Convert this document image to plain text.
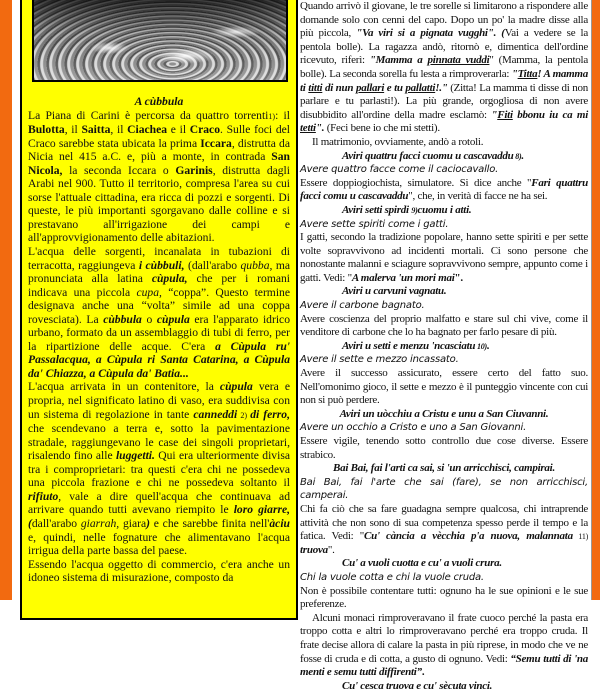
A cùbbula

La Piana di Carini è percorsa da quattro torrenti1): il Bulotta, il Saitta, il Ciachea e il Craco. Sulle foci del Craco sarebbe stata ubicata la prima Iccara, distrutta da Nicia nel 415 a.C. e, più a monte, in contrada San Nicola, la seconda Iccara o Garinis, distrutta dagli Arabi nel 900. Tutto il territorio, compresa l'area su cui sorse l'attuale cittadina, era ricca di pozzi e sorgenti. Di queste, le più importanti sgorgavano dalle colline e si prestavano all'irrigazione dei campi e all'approvvigionamento delle abitazioni.

L'acqua delle sorgenti, incanalata in tubazioni di terracotta, raggiungeva i cùbbuli, (dall'arabo qubba, ma pronunciata alla latina cùpula, che per i romani indicava una piccola cupa, “coppa”. Questo termine designava anche una “volta” simile ad una coppa rovesciata). La cùbbula o cùpula era l'apparato idrico urbano, formato da un assemblaggio di tubi di ferro, per la ripartizione delle acque. C'era a Cùpula ru' Passalacqua, a Cùpula ri Santa Catarina, a Cùpula da' Chiazza, a Cùpula da' Batia...

L'acqua arrivata in un contenitore, la cùpula vera e propria, nel significato latino di vaso, era suddivisa con un sistema di regolazione in tante canneddi 2) di ferro, che scendevano a terra e, sotto la pavimentazione stradale, raggiungevano le case dei singoli proprietari, risalendo fino alle luggetti. Qui era ulteriormente divisa tra i comproprietari: tra questi c'era chi ne possedeva una piccola frazione e chi ne possedeva soltanto il rifiuto, vale a dire quell'acqua che continuava ad arrivare quando tutti avevano riempito le loro giarre, (dall'arabo giarrah, giara) e che sarebbe finita nell'àciu e, quindi, nelle fognature che alimentavano l'acqua irrigua della parte bassa del paese.

Essendo l'acqua oggetto di commercio, c'era anche un idoneo sistema di misurazione, composto da

Quando arrivò il giovane, le tre sorelle si limitarono a rispondere alle domande solo con cenni del capo. Dopo un po' la madre disse alla più piccola, "Va viri si a pignata vugghi". (Vai a vedere se la pentola bolle). La ragazza andò, ritornò e, dimentica dell'ordine ricevuto, riferì: "Mamma a pinnata vuddi" (Mamma, la pentola bolle). La seconda sorella fu lesta a rimproverarla: "Titta! A mamma ti titti di nun pallari e tu pallatti!." (Zitta! La mamma ti disse di non parlare e tu parlasti!). La più grande, orgogliosa di non avere disubbidito all'ordine della madre esclamò: "Fiti bbonu iu ca mi tetti". (Feci bene io che mi stetti).

Il matrimonio, ovviamente, andò a rotoli.

Aviri quattru facci cuomu u cascavaddu 8).

Avere quattro facce come il caciocavallo.

Essere doppiogiochista, simulatore. Si dice anche "Fari quattru facci comu u cascavaddu", che, in verità di facce ne ha sei.

Aviri setti spirdi 9)cuomu i atti.

Avere sette spiriti come i gatti.

I gatti, secondo la tradizione popolare, hanno sette spiriti e per sette volte sopravvivono ad incidenti mortali. Ci sono persone che nonostante malanni e sciagure sopravvivono sempre, appunto come i gatti. Vedi: "A malerva 'un mori mai".

Aviri u carvuni vagnatu.

Avere il carbone bagnato.

Avere coscienza del proprio malfatto e stare sul chi vive, come il venditore di carbone che lo ha bagnato per farlo pesare di più.

Aviri u setti e menzu 'ncasciatu 10).

Avere il sette e mezzo incassato.

Avere il successo assicurato, essere certo del fatto suo. Nell'omonimo gioco, il sette e mezzo è il punteggio vincente con cui non si può perdere.

Aviri un uòcchiu a Cristu e unu a San Ciuvanni.

Avere un occhio a Cristo e uno a San Giovanni.

Essere vigile, tenendo sotto controllo due cose diverse. Essere strabico.

Bai Bai, fai l'arti ca sai, si 'un arricchisci, campirai.

Bai Bai, fai l'arte che sai (fare), se non arricchisci, camperai.

Chi fa ciò che sa fare guadagna sempre qualcosa, chi intraprende attività che non sono di sua competenza spesso perde il tempo e la fatica. Vedi: "Cu' cància a vècchia p'a nuova, malannata 11) truova".

Cu' a vuoli cuotta e cu' a vuoli crura.

Chi la vuole cotta e chi la vuole cruda.

Non è possibile contentare tutti: ognuno ha le sue opinioni e le sue preferenze.

Alcuni monaci rimproveravano il frate cuoco perché la pasta era troppo cotta e altri lo rimproveravano perché era troppo cruda. Il frate decise allora di calare la pasta in più riprese, in modo che ve ne fosse di cruda e di cotta, a gusto di ognuno. Vedi: “Semu tutti di 'na menti e semu tutti diffirenti”.

Cu' cesca truova e cu' sècuta vinci.
